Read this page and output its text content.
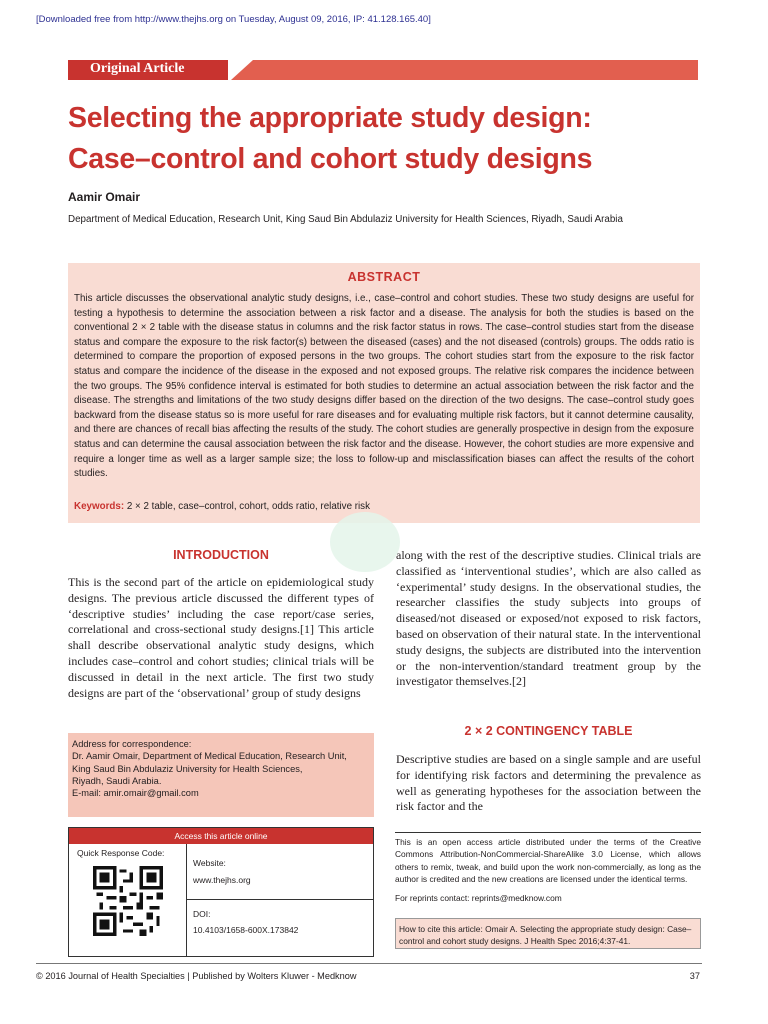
[Downloaded free from http://www.thejhs.org on Tuesday, August 09, 2016, IP: 41.128.165.40]
Original Article
Selecting the appropriate study design:
Case–control and cohort study designs
Aamir Omair
Department of Medical Education, Research Unit, King Saud Bin Abdulaziz University for Health Sciences, Riyadh, Saudi Arabia
ABSTRACT
This article discusses the observational analytic study designs, i.e., case–control and cohort studies. These two study designs are useful for testing a hypothesis to determine the association between a risk factor and a disease. The analysis for both the studies is based on the conventional 2 × 2 table with the disease status in columns and the risk factor status in rows. The case–control studies start from the disease status and compare the exposure to the risk factor(s) between the diseased (cases) and the not diseased (controls) groups. The odds ratio is determined to compare the proportion of exposed persons in the two groups. The cohort studies start from the exposure to the risk factor status and compare the incidence of the disease in the exposed and not exposed groups. The relative risk compares the incidence between the two groups. The 95% confidence interval is estimated for both studies to determine an actual association between the risk factor and the disease. The strengths and limitations of the two study designs differ based on the direction of the two designs. The case–control study goes backward from the disease status so is more useful for rare diseases and for evaluating multiple risk factors, but it cannot determine causality, and there are chances of recall bias affecting the results of the study. The cohort studies are generally prospective in design from the exposure status and can determine the causal association between the risk factor and the disease. However, the cohort studies are more expensive and require a longer time as well as a larger sample size; the loss to follow-up and misclassification biases can affect the results of the cohort studies.
Keywords: 2 × 2 table, case–control, cohort, odds ratio, relative risk
INTRODUCTION
This is the second part of the article on epidemiological study designs. The previous article discussed the different types of ‘descriptive studies’ including the case report/case series, correlational and cross-sectional study designs.[1] This article shall describe observational analytic study designs, which includes case–control and cohort studies; clinical trials will be discussed in detail in the next article. The first two study designs are part of the ‘observational’ group of study designs
along with the rest of the descriptive studies. Clinical trials are classified as ‘interventional studies’, which are also called as ‘experimental’ study designs. In the observational studies, the researcher classifies the study subjects into groups of diseased/not diseased or exposed/not exposed to risk factors, based on observation of their natural state. In the interventional study designs, the subjects are distributed into the intervention or the non-intervention/standard treatment group by the investigator themselves.[2]
2 × 2 CONTINGENCY TABLE
Descriptive studies are based on a single sample and are useful for identifying risk factors and determining the prevalence as well as generating hypotheses for the association between the risk factor and the
Address for correspondence:
Dr. Aamir Omair, Department of Medical Education, Research Unit,
King Saud Bin Abdulaziz University for Health Sciences,
Riyadh, Saudi Arabia.
E-mail: amir.omair@gmail.com
Access this article online
Quick Response Code:
Website:
www.thejhs.org
DOI:
10.4103/1658-600X.173842
This is an open access article distributed under the terms of the Creative Commons Attribution-NonCommercial-ShareAlike 3.0 License, which allows others to remix, tweak, and build upon the work non-commercially, as long as the author is credited and the new creations are licensed under the identical terms.
For reprints contact: reprints@medknow.com
How to cite this article: Omair A. Selecting the appropriate study design: Case–control and cohort study designs. J Health Spec 2016;4:37-41.
© 2016 Journal of Health Specialties | Published by Wolters Kluwer - Medknow	37
